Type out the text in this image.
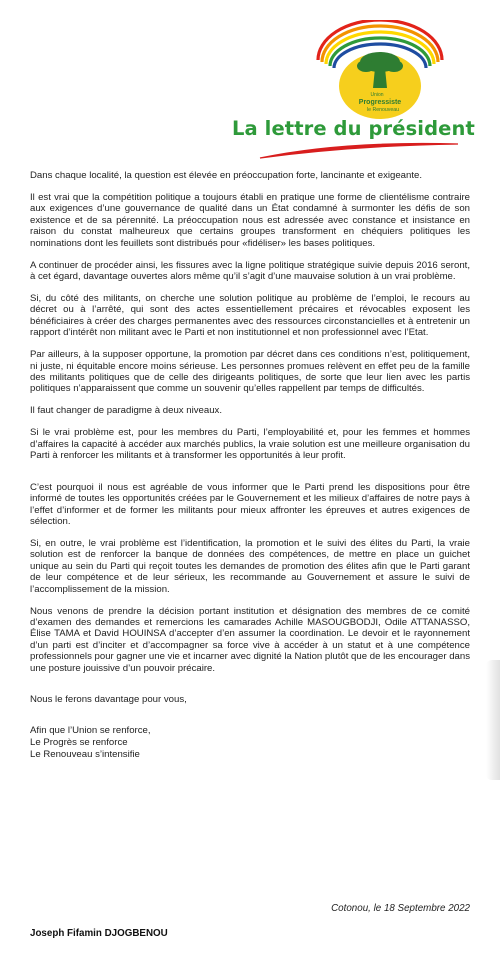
Union
Progressiste
le Renouveau
La lettre du président

Dans chaque localité, la question est élevée en préoccupation forte, lancinante et exigeante.

Il est vrai que la compétition politique a toujours établi en pratique une forme de clientélisme contraire aux exigences d’une gouvernance de qualité dans un État condamné à surmonter les défis de son existence et de sa pérennité. La préoccupation nous est adressée avec constance et insistance en raison du constat malheureux que certains groupes transforment en chéquiers politiques les nominations dont les feuillets sont distribués pour «fidéliser» les bases politiques.

A continuer de procéder ainsi, les fissures avec la ligne politique stratégique suivie depuis 2016 seront, à cet égard, davantage ouvertes alors même qu’il s’agit d’une mauvaise solution à un vrai problème.

Si, du côté des militants, on cherche une solution politique au problème de l’emploi, le recours au décret ou à l’arrêté, qui sont des actes essentiellement précaires et révocables exposent les bénéficiaires à créer des charges permanentes avec des ressources circonstancielles et à entretenir un rapport d’intérêt non militant avec le Parti et non institutionnel et non professionnel avec l’Etat.

Par ailleurs, à la supposer opportune, la promotion par décret dans ces conditions n’est, politiquement, ni juste, ni équitable encore moins sérieuse. Les personnes promues relèvent en effet peu de la famille des militants politiques que de celle des dirigeants politiques, de sorte que leur lien avec les partis politiques n’apparaissent que comme un souvenir qu’elles rappellent par temps de difficultés.

Il faut changer de paradigme à deux niveaux.

Si le vrai problème est, pour les membres du Parti, l’employabilité et, pour les femmes et hommes d’affaires la capacité à accéder aux marchés publics, la vraie solution est une meilleure organisation du Parti à renforcer les militants et à transformer les opportunités à leur profit.

C’est pourquoi il nous est agréable de vous informer que le Parti prend les dispositions pour être informé de toutes les opportunités créées par le Gouvernement et les milieux d’affaires de notre pays à l’effet d’informer et de former les militants pour mieux affronter les épreuves et autres exigences de sélection.

Si, en outre, le vrai problème est l’identification, la promotion et le suivi des élites du Parti, la vraie solution est de renforcer la banque de données des compétences, de mettre en place un guichet unique au sein du Parti qui reçoit toutes les demandes de promotion des élites afin que le Parti garant de leur compétence et de leur sérieux, les recommande au Gouvernement et assure le suivi de l’accomplissement de la mission.

Nous venons de prendre la décision portant institution et désignation des membres de ce comité d’examen des demandes et remercions les camarades Achille MASOUGBODJI, Odile ATTANASSO, Élise TAMA et David HOUINSA d’accepter d’en assumer la coordination. Le devoir et le rayonnement d’un parti est d’inciter et d’accompagner sa force vive à accéder à un statut et à une compétence professionnels pour gagner une vie et incarner avec dignité la Nation plutôt que de les encourager dans une posture jouissive d’un pouvoir précaire.

Nous le ferons davantage pour vous,

Afin que l’Union se renforce,
Le Progrès se renforce
Le Renouveau s’intensifie
Cotonou, le 18 Septembre 2022
Joseph Fifamin DJOGBENOU
